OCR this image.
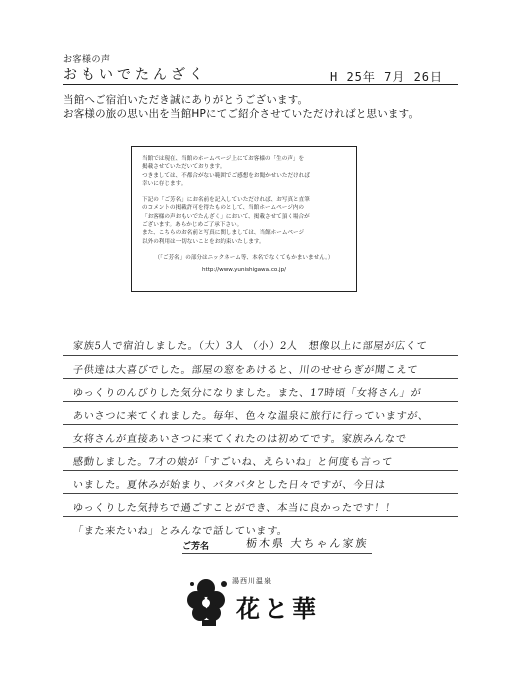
お客様の声
おもいでたんざく	H 25年 7月 26日
当館へご宿泊いただき誠にありがとうございます。
お客様の旅の思い出を当館HPにてご紹介させていただければと思います。

当館では現在、当館のホームページ上にてお客様の「生の声」を

掲載させていただいております。

つきましては、不都合がない範囲でご感想をお聞かせいただければ

幸いに存じます。

下記の「ご芳名」にお名前を記入していただければ、お写真と直筆

のコメントの掲載許可を得たものとして、当館ホームページ内の

「お客様の声おもいでたんざく」において、掲載させて頂く場合が

ございます。あらかじめご了承下さい。

また、こちらのお名前と写真に関しましては、当館ホームページ

以外の利用は一切ないことをお約束いたします。

（「ご芳名」の部分はニックネーム等、本名でなくてもかまいません。）

http://www.yunishigawa.co.jp/

家族5人で宿泊しました。（大）3人 （小）2人　想像以上に部屋が広くて
子供達は大喜びでした。部屋の窓をあけると、川のせせらぎが聞こえて
ゆっくりのんびりした気分になりました。また、17時頃「女将さん」が
あいさつに来てくれました。毎年、色々な温泉に旅行に行っていますが、
女将さんが直接あいさつに来てくれたのは初めてです。家族みんなで
感動しました。7才の娘が「すごいね、えらいね」と何度も言って
いました。夏休みが始まり、バタバタとした日々ですが、今日は
ゆっくりした気持ちで過ごすことができ、本当に良かったです！！
「また来たいね」とみんなで話しています。
ご芳名	栃木県 大ちゃん家族
湯西川温泉
花と華
